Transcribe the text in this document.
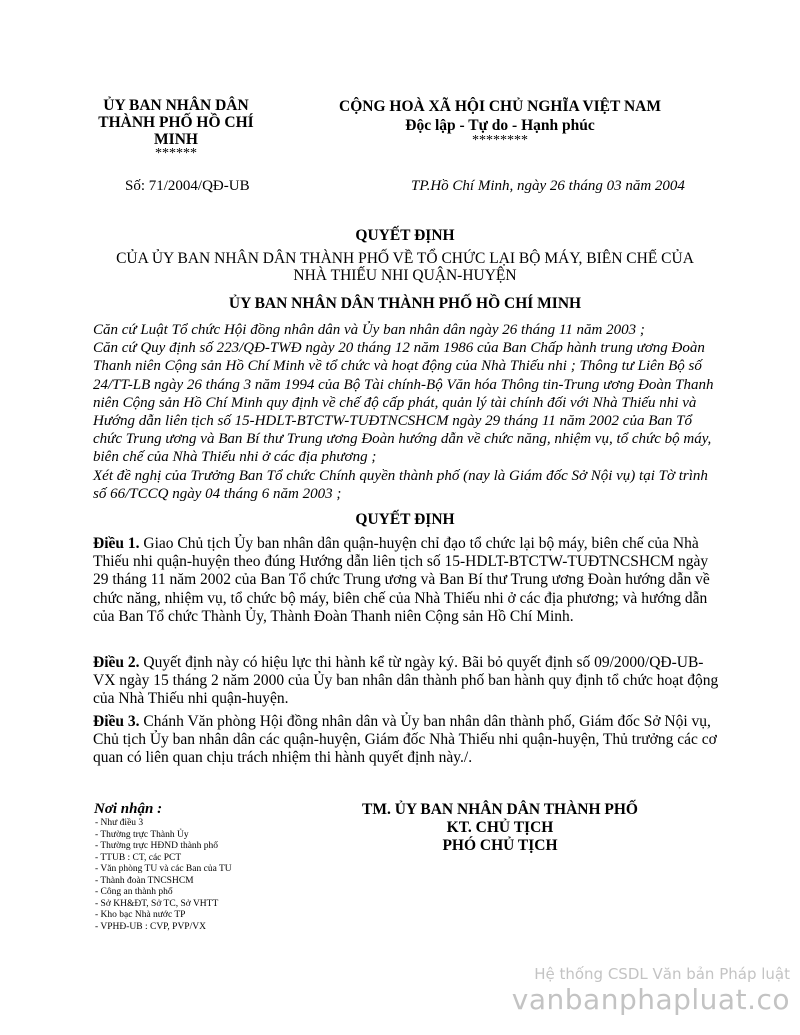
ỦY BAN NHÂN DÂN
THÀNH PHỐ HỒ CHÍ
MINH
******
CỘNG HOÀ XÃ HỘI CHỦ NGHĨA VIỆT NAM
Độc lập - Tự do - Hạnh phúc
********
Số: 71/2004/QĐ-UB	TP.Hồ Chí Minh, ngày 26 tháng 03 năm 2004
QUYẾT ĐỊNH
CỦA ỦY BAN NHÂN DÂN THÀNH PHỐ VỀ TỔ CHỨC LẠI BỘ MÁY, BIÊN CHẾ CỦA
NHÀ THIẾU NHI QUẬN-HUYỆN
ỦY BAN NHÂN DÂN THÀNH PHỐ HỒ CHÍ MINH

Căn cứ Luật Tổ chức Hội đồng nhân dân và Ủy ban nhân dân ngày 26 tháng 11 năm 2003 ;

Căn cứ Quy định số 223/QĐ-TWĐ ngày 20 tháng 12 năm 1986 của Ban Chấp hành trung ương Đoàn Thanh niên Cộng sản Hồ Chí Minh về tổ chức và hoạt động của Nhà Thiếu nhi ; Thông tư Liên Bộ số 24/TT-LB ngày 26 tháng 3 năm 1994 của Bộ Tài chính-Bộ Văn hóa Thông tin-Trung ương Đoàn Thanh niên Cộng sản Hồ Chí Minh quy định về chế độ cấp phát, quản lý tài chính đối với Nhà Thiếu nhi và Hướng dẫn liên tịch số 15-HDLT-BTCTW-TUĐTNCSHCM ngày 29 tháng 11 năm 2002 của Ban Tổ chức Trung ương và Ban Bí thư Trung ương Đoàn hướng dẫn về chức năng, nhiệm vụ, tổ chức bộ máy, biên chế của Nhà Thiếu nhi ở các địa phương ;

Xét đề nghị của Trưởng Ban Tổ chức Chính quyền thành phố (nay là Giám đốc Sở Nội vụ) tại Tờ trình số 66/TCCQ ngày 04 tháng 6 năm 2003 ;

QUYẾT ĐỊNH
Điều 1. Giao Chủ tịch Ủy ban nhân dân quận-huyện chỉ đạo tổ chức lại bộ máy, biên chế của Nhà Thiếu nhi quận-huyện theo đúng Hướng dẫn liên tịch số 15-HDLT-BTCTW-TUĐTNCSHCM ngày 29 tháng 11 năm 2002 của Ban Tổ chức Trung ương và Ban Bí thư Trung ương Đoàn hướng dẫn về chức năng, nhiệm vụ, tổ chức bộ máy, biên chế của Nhà Thiếu nhi ở các địa phương; và hướng dẫn của Ban Tổ chức Thành Ủy, Thành Đoàn Thanh niên Cộng sản Hồ Chí Minh.
Điều 2. Quyết định này có hiệu lực thi hành kể từ ngày ký. Bãi bỏ quyết định số 09/2000/QĐ-UB-VX ngày 15 tháng 2 năm 2000 của Ủy ban nhân dân thành phố ban hành quy định tổ chức hoạt động của Nhà Thiếu nhi quận-huyện.
Điều 3. Chánh Văn phòng Hội đồng nhân dân và Ủy ban nhân dân thành phố, Giám đốc Sở Nội vụ, Chủ tịch Ủy ban nhân dân các quận-huyện, Giám đốc Nhà Thiếu nhi quận-huyện, Thủ trưởng các cơ quan có liên quan chịu trách nhiệm thi hành quyết định này./.
Nơi nhận :
- Như điều 3
- Thường trực Thành Ủy
- Thường trực HĐND thành phố
- TTUB : CT, các PCT
- Văn phòng TU và các Ban của TU
- Thành đoàn TNCSHCM
- Công an thành phố
- Sở KH&ĐT, Sở TC, Sở VHTT
- Kho bạc Nhà nước TP
- VPHĐ-UB : CVP, PVP/VX
TM. ỦY BAN NHÂN DÂN THÀNH PHỐ
KT. CHỦ TỊCH
PHÓ CHỦ TỊCH
Hệ thống CSDL Văn bản Pháp luật
vanbanphapluat.co
